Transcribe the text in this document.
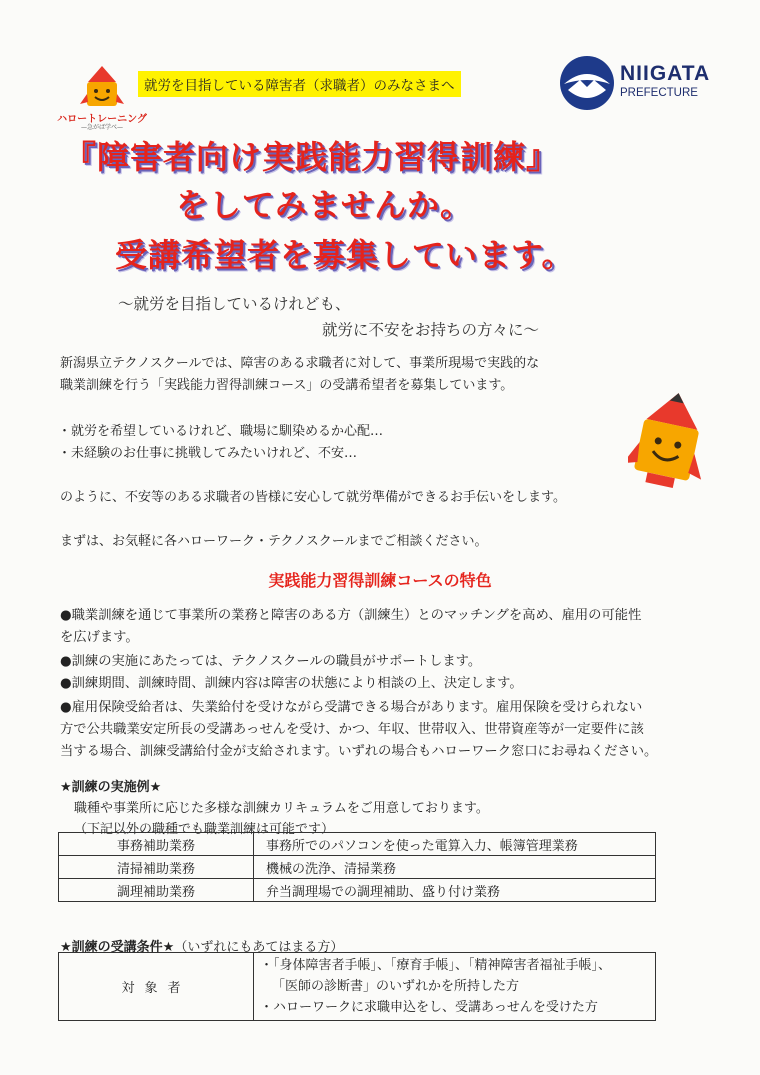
ハロートレーニング
—急がば学べ—
就労を目指している障害者（求職者）のみなさまへ
NIIGATA
PREFECTURE
『障害者向け実践能力習得訓練』
をしてみませんか。
受講希望者を募集しています。
～就労を目指しているけれども、
就労に不安をお持ちの方々に～
新潟県立テクノスクールでは、障害のある求職者に対して、事業所現場で実践的な
職業訓練を行う「実践能力習得訓練コース」の受講希望者を募集しています。
・就労を希望しているけれど、職場に馴染めるか心配…
・未経験のお仕事に挑戦してみたいけれど、不安…
のように、不安等のある求職者の皆様に安心して就労準備ができるお手伝いをします。
まずは、お気軽に各ハローワーク・テクノスクールまでご相談ください。
実践能力習得訓練コースの特色
●職業訓練を通じて事業所の業務と障害のある方（訓練生）とのマッチングを高め、雇用の可能性
を広げます。
●訓練の実施にあたっては、テクノスクールの職員がサポートします。
●訓練期間、訓練時間、訓練内容は障害の状態により相談の上、決定します。
●雇用保険受給者は、失業給付を受けながら受講できる場合があります。雇用保険を受けられない
方で公共職業安定所長の受講あっせんを受け、かつ、年収、世帯収入、世帯資産等が一定要件に該
当する場合、訓練受講給付金が支給されます。いずれの場合もハローワーク窓口にお尋ねください。
★訓練の実施例★
職種や事業所に応じた多様な訓練カリキュラムをご用意しております。
（下記以外の職種でも職業訓練は可能です）
事務補助業務	事務所でのパソコンを使った電算入力、帳簿管理業務
清掃補助業務	機械の洗浄、清掃業務
調理補助業務	弁当調理場での調理補助、盛り付け業務
★訓練の受講条件★（いずれにもあてはまる方）
対象者	
・「身体障害者手帳」、「療育手帳」、「精神障害者福祉手帳」、
「医師の診断書」のいずれかを所持した方
・ハローワークに求職申込をし、受講あっせんを受けた方
